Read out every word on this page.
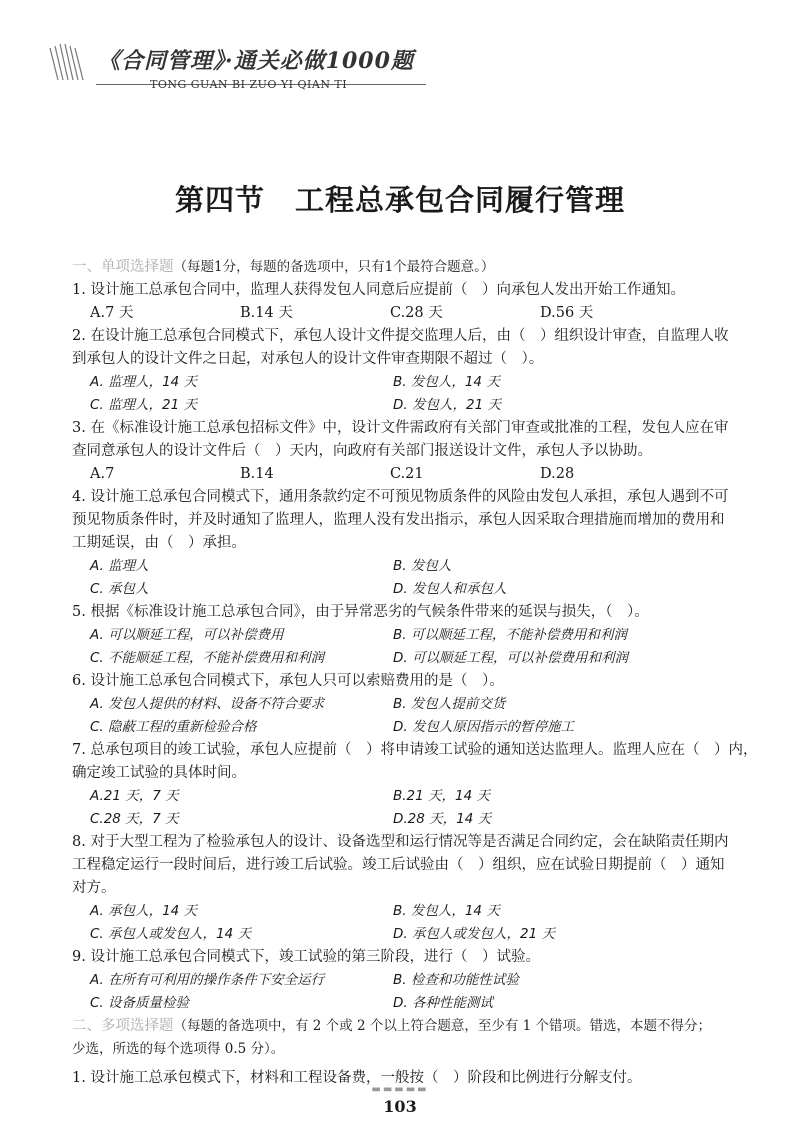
《合同管理》·通关必做1000题
TONG GUAN BI ZUO YI QIAN TI
第四节　工程总承包合同履行管理
一、单项选择题（每题1分，每题的备选项中，只有1个最符合题意。）
1. 设计施工总承包合同中，监理人获得发包人同意后应提前（　）向承包人发出开始工作通知。
A.7 天	B.14 天	C.28 天	D.56 天
2. 在设计施工总承包合同模式下，承包人设计文件提交监理人后，由（　）组织设计审查，自监理人收
到承包人的设计文件之日起，对承包人的设计文件审查期限不超过（　）。
A. 监理人，14 天	B. 发包人，14 天
C. 监理人，21 天	D. 发包人，21 天
3. 在《标准设计施工总承包招标文件》中，设计文件需政府有关部门审查或批准的工程，发包人应在审
查同意承包人的设计文件后（　）天内，向政府有关部门报送设计文件，承包人予以协助。
A.7	B.14	C.21	D.28
4. 设计施工总承包合同模式下，通用条款约定不可预见物质条件的风险由发包人承担，承包人遇到不可
预见物质条件时，并及时通知了监理人，监理人没有发出指示，承包人因采取合理措施而增加的费用和
工期延误，由（　）承担。
A. 监理人	B. 发包人
C. 承包人	D. 发包人和承包人
5. 根据《标准设计施工总承包合同》，由于异常恶劣的气候条件带来的延误与损失，（　）。
A. 可以顺延工程，可以补偿费用	B. 可以顺延工程，不能补偿费用和利润
C. 不能顺延工程，不能补偿费用和利润	D. 可以顺延工程，可以补偿费用和利润
6. 设计施工总承包合同模式下，承包人只可以索赔费用的是（　）。
A. 发包人提供的材料、设备不符合要求	B. 发包人提前交货
C. 隐蔽工程的重新检验合格	D. 发包人原因指示的暂停施工
7. 总承包项目的竣工试验，承包人应提前（　）将申请竣工试验的通知送达监理人。监理人应在（　）内，
确定竣工试验的具体时间。
A.21 天，7 天	B.21 天，14 天
C.28 天，7 天	D.28 天，14 天
8. 对于大型工程为了检验承包人的设计、设备选型和运行情况等是否满足合同约定，会在缺陷责任期内
工程稳定运行一段时间后，进行竣工后试验。竣工后试验由（　）组织，应在试验日期提前（　）通知
对方。
A. 承包人，14 天	B. 发包人，14 天
C. 承包人或发包人，14 天	D. 承包人或发包人，21 天
9. 设计施工总承包合同模式下，竣工试验的第三阶段，进行（　）试验。
A. 在所有可利用的操作条件下安全运行	B. 检查和功能性试验
C. 设备质量检验	D. 各种性能测试
二、多项选择题（每题的备选项中，有 2 个或 2 个以上符合题意，至少有 1 个错项。错选，本题不得分；
少选，所选的每个选项得 0.5 分）。
1. 设计施工总承包模式下，材料和工程设备费，一般按（　）阶段和比例进行分解支付。
▬▬▬▬▬
103
